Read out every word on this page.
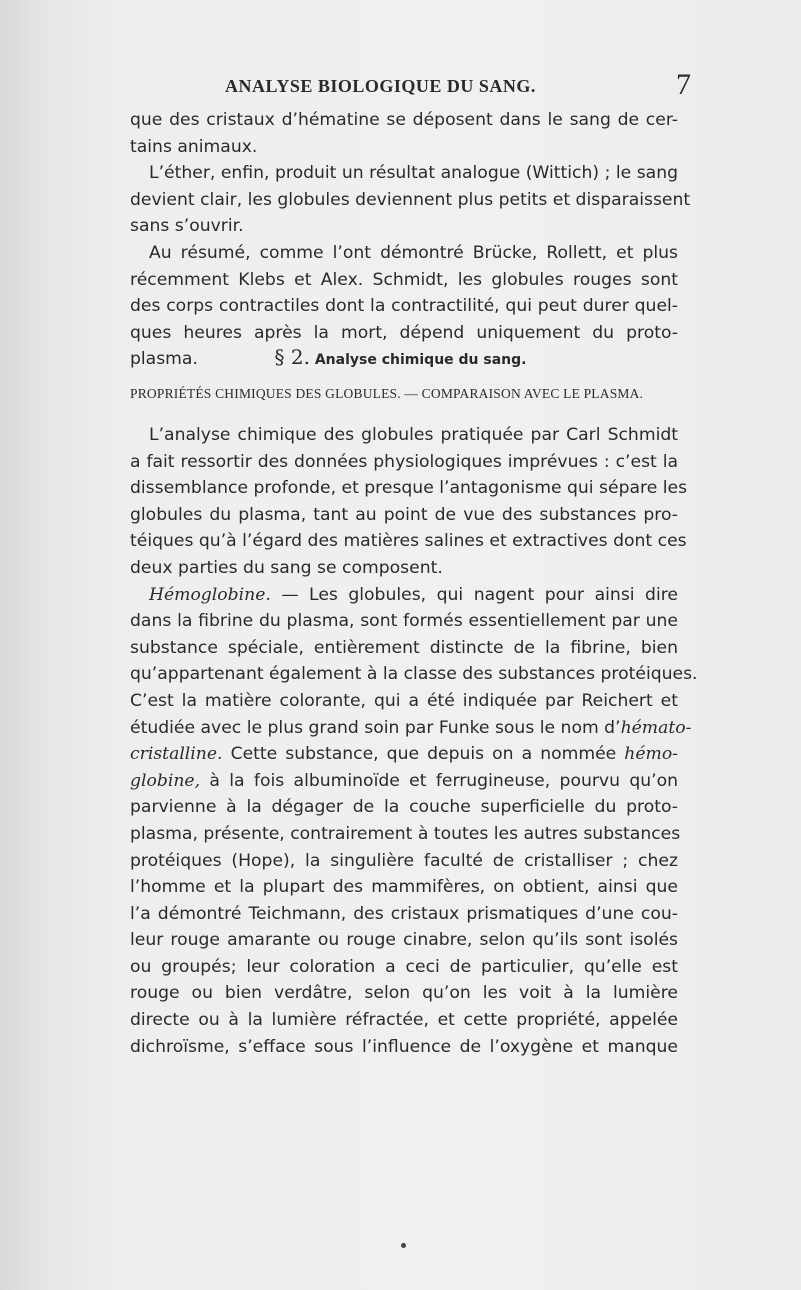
ANALYSE BIOLOGIQUE DU SANG.	7
que des cristaux d’hématine se déposent dans le sang de cer-
tains animaux.
L’éther, enfin, produit un résultat analogue (Wittich) ; le sang
devient clair, les globules deviennent plus petits et disparaissent
sans s’ouvrir.
Au résumé, comme l’ont démontré Brücke, Rollett, et plus
récemment Klebs et Alex. Schmidt, les globules rouges sont
des corps contractiles dont la contractilité, qui peut durer quel-
ques heures après la mort, dépend uniquement du proto-
plasma.	§ 2. Analyse chimique du sang.
PROPRIÉTÉS CHIMIQUES DES GLOBULES. — COMPARAISON AVEC LE PLASMA.
L’analyse chimique des globules pratiquée par Carl Schmidt
a fait ressortir des données physiologiques imprévues : c’est la
dissemblance profonde, et presque l’antagonisme qui sépare les
globules du plasma, tant au point de vue des substances pro-
téiques qu’à l’égard des matières salines et extractives dont ces
deux parties du sang se composent.
Hémoglobine. — Les globules, qui nagent pour ainsi dire
dans la fibrine du plasma, sont formés essentiellement par une
substance spéciale, entièrement distincte de la fibrine, bien
qu’appartenant également à la classe des substances protéiques.
C’est la matière colorante, qui a été indiquée par Reichert et
étudiée avec le plus grand soin par Funke sous le nom d’hémato-
cristalline. Cette substance, que depuis on a nommée hémo-
globine, à la fois albuminoïde et ferrugineuse, pourvu qu’on
parvienne à la dégager de la couche superficielle du proto-
plasma, présente, contrairement à toutes les autres substances
protéiques (Hope), la singulière faculté de cristalliser ; chez
l’homme et la plupart des mammifères, on obtient, ainsi que
l’a démontré Teichmann, des cristaux prismatiques d’une cou-
leur rouge amarante ou rouge cinabre, selon qu’ils sont isolés
ou groupés; leur coloration a ceci de particulier, qu’elle est
rouge ou bien verdâtre, selon qu’on les voit à la lumière
directe ou à la lumière réfractée, et cette propriété, appelée
dichroïsme, s’efface sous l’influence de l’oxygène et manque
